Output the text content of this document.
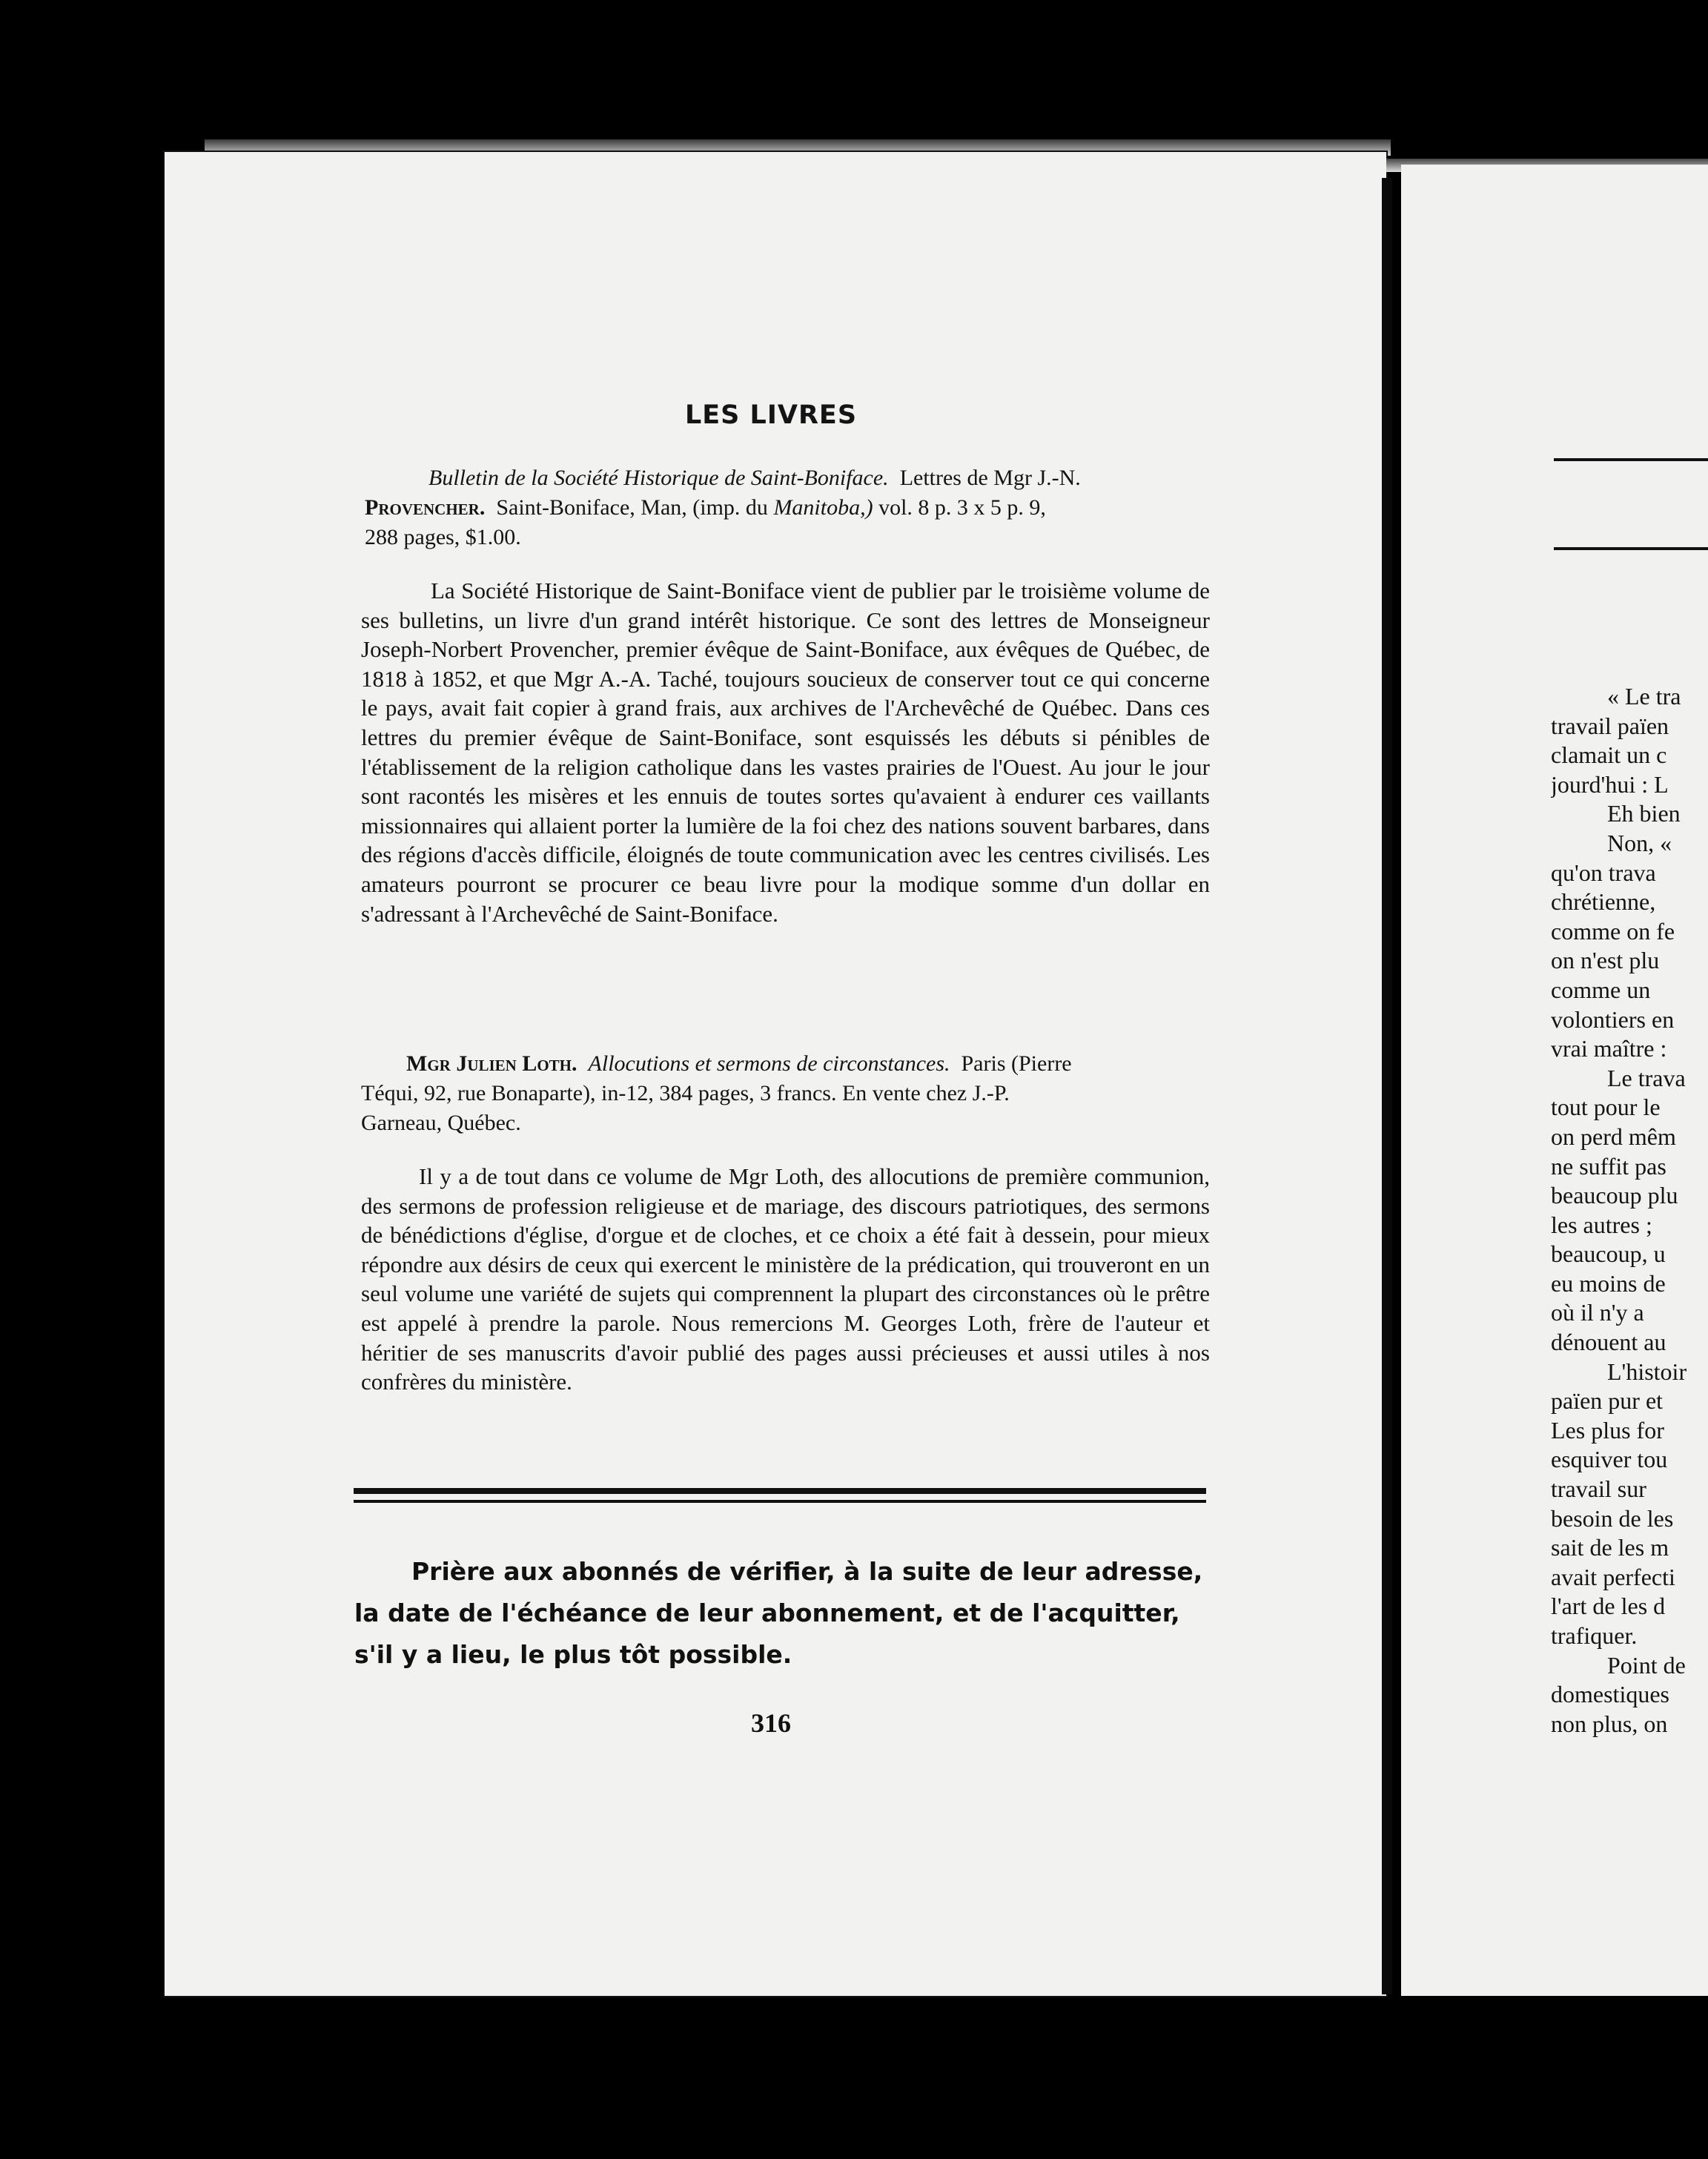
LES LIVRES
Bulletin de la Société Historique de Saint-Boniface. Lettres de Mgr J.-N.
Provencher. Saint-Boniface, Man, (imp. du Manitoba,) vol. 8 p. 3 x 5 p. 9,
288 pages, $1.00.
La Société Historique de Saint-Boniface vient de publier par le troisième volume de ses bulletins, un livre d'un grand intérêt historique. Ce sont des lettres de Monseigneur Joseph-Norbert Provencher, premier évêque de Saint-Boniface, aux évêques de Québec, de 1818 à 1852, et que Mgr A.-A. Taché, toujours soucieux de conserver tout ce qui concerne le pays, avait fait copier à grand frais, aux archives de l'Archevêché de Québec. Dans ces lettres du premier évêque de Saint-Boniface, sont esquissés les débuts si pénibles de l'établissement de la religion catholique dans les vastes prairies de l'Ouest. Au jour le jour sont racontés les misères et les ennuis de toutes sortes qu'avaient à endurer ces vaillants missionnaires qui allaient porter la lumière de la foi chez des nations souvent barbares, dans des régions d'accès difficile, éloignés de toute communication avec les centres civilisés. Les amateurs pourront se procurer ce beau livre pour la modique somme d'un dollar en s'adressant à l'Archevêché de Saint-Boniface.
Mgr Julien Loth. Allocutions et sermons de circonstances. Paris (Pierre
Téqui, 92, rue Bonaparte), in-12, 384 pages, 3 francs. En vente chez J.-P.
Garneau, Québec.
Il y a de tout dans ce volume de Mgr Loth, des allocutions de première communion, des sermons de profession religieuse et de mariage, des discours patriotiques, des sermons de bénédictions d'église, d'orgue et de cloches, et ce choix a été fait à dessein, pour mieux répondre aux désirs de ceux qui exercent le ministère de la prédication, qui trouveront en un seul volume une variété de sujets qui comprennent la plupart des circonstances où le prêtre est appelé à prendre la parole. Nous remercions M. Georges Loth, frère de l'auteur et héritier de ses manuscrits d'avoir publié des pages aussi précieuses et aussi utiles à nos confrères du ministère.
Prière aux abonnés de vérifier, à la suite de leur adresse,
la date de l'échéance de leur abonnement, et de l'acquitter,
s'il y a lieu, le plus tôt possible.
316
« Le tra
travail païen
clamait un c
jourd'hui : L
Eh bien
Non, «
qu'on trava
chrétienne,
comme on fe
on n'est plu
comme un
volontiers en
vrai maître :
Le trava
tout pour le
on perd mêm
ne suffit pas
beaucoup plu
les autres ;
beaucoup, u
eu moins de
où il n'y a
dénouent au
L'histoir
païen pur et
Les plus for
esquiver tou
travail sur
besoin de les
sait de les m
avait perfecti
l'art de les d
trafiquer.
Point de
domestiques
non plus, on
